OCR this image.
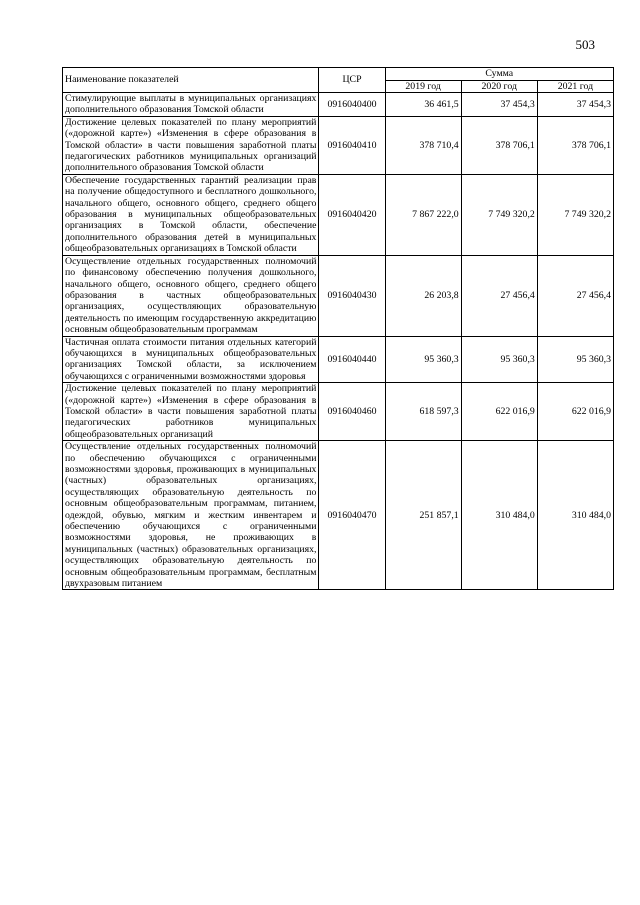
503
Наименование показателей	ЦСР	Сумма		
		2019 год	2020 год	2021 год
Стимулирующие выплаты в муниципальных организациях дополнительного образования Томской области	0916040400	36 461,5	37 454,3	37 454,3
Достижение целевых показателей по плану мероприятий («дорожной карте») «Изменения в сфере образования в Томской области» в части повышения заработной платы педагогических работников муниципальных организаций дополнительного образования Томской области	0916040410	378 710,4	378 706,1	378 706,1
Обеспечение государственных гарантий реализации прав на получение общедоступного и бесплатного дошкольного, начального общего, основного общего, среднего общего образования в муниципальных общеобразовательных организациях в Томской области, обеспечение дополнительного образования детей в муниципальных общеобразовательных организациях в Томской области	0916040420	7 867 222,0	7 749 320,2	7 749 320,2
Осуществление отдельных государственных полномочий по финансовому обеспечению получения дошкольного, начального общего, основного общего, среднего общего образования в частных общеобразовательных организациях, осуществляющих образовательную деятельность по имеющим государственную аккредитацию основным общеобразовательным программам	0916040430	26 203,8	27 456,4	27 456,4
Частичная оплата стоимости питания отдельных категорий обучающихся в муниципальных общеобразовательных организациях Томской области, за исключением обучающихся с ограниченными возможностями здоровья	0916040440	95 360,3	95 360,3	95 360,3
Достижение целевых показателей по плану мероприятий («дорожной карте») «Изменения в сфере образования в Томской области» в части повышения заработной платы педагогических работников муниципальных общеобразовательных организаций	0916040460	618 597,3	622 016,9	622 016,9
Осуществление отдельных государственных полномочий по обеспечению обучающихся с ограниченными возможностями здоровья, проживающих в муниципальных (частных) образовательных организациях, осуществляющих образовательную деятельность по основным общеобразовательным программам, питанием, одеждой, обувью, мягким и жестким инвентарем и обеспечению обучающихся с ограниченными возможностями здоровья, не проживающих в муниципальных (частных) образовательных организациях, осуществляющих образовательную деятельность по основным общеобразовательным программам, бесплатным двухразовым питанием	0916040470	251 857,1	310 484,0	310 484,0
